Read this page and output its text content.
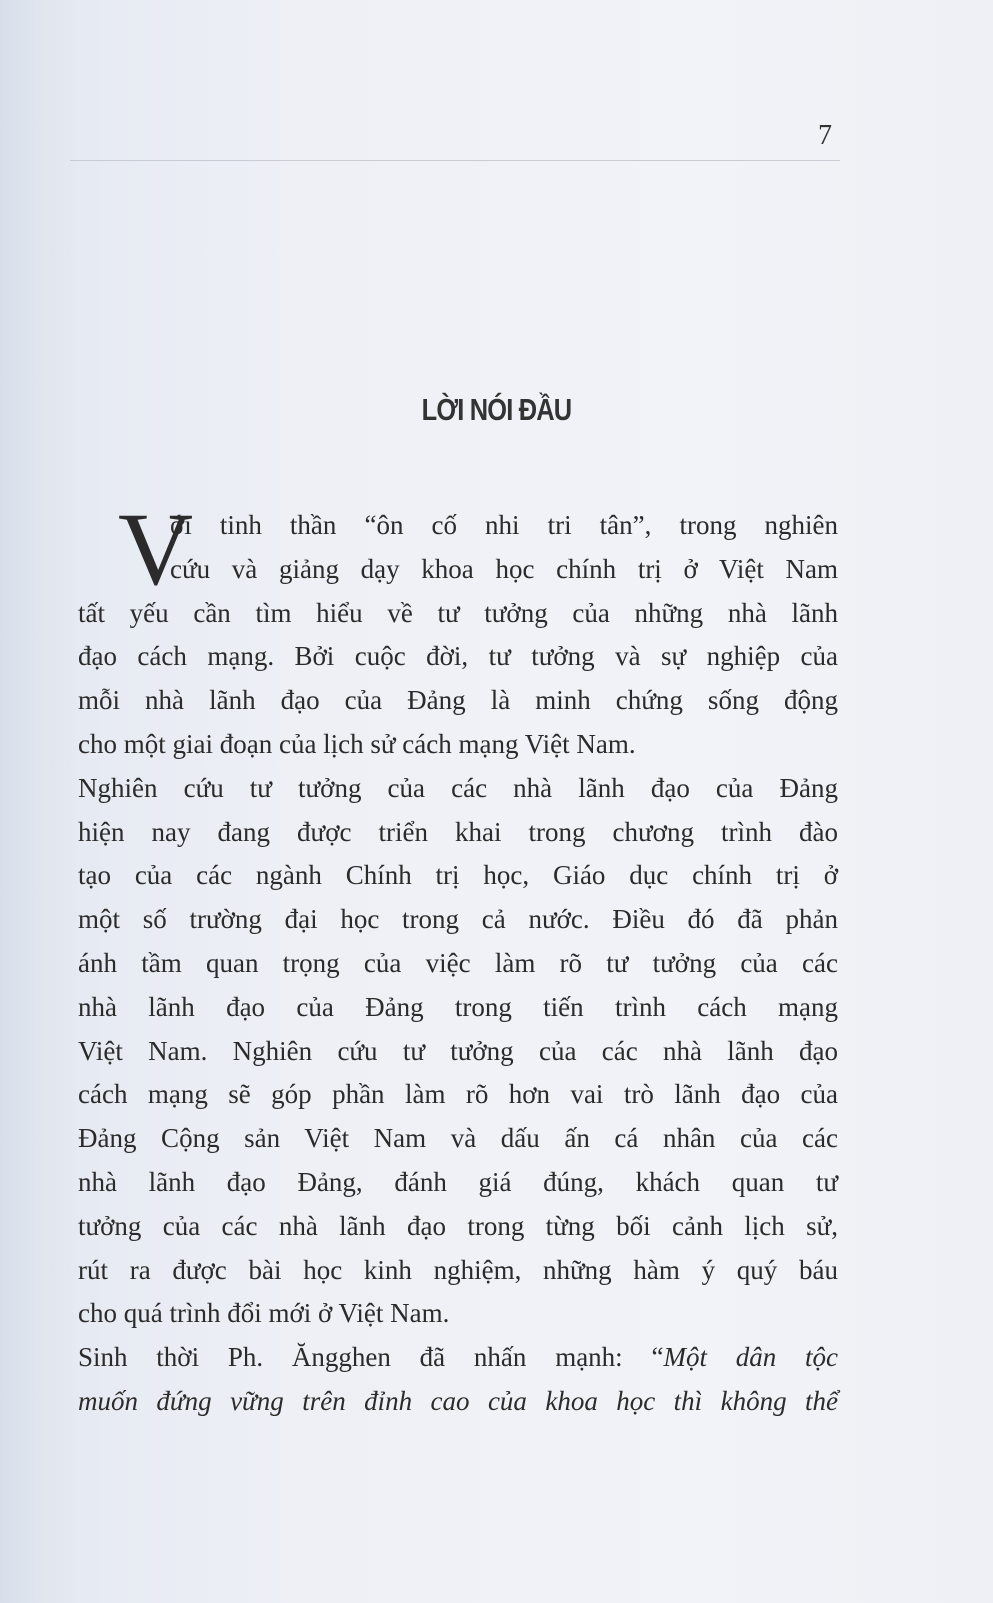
7
LỜI NÓI ĐẦU
V
ới tinh thần “ôn cố nhi tri tân”, trong nghiên
cứu và giảng dạy khoa học chính trị ở Việt Nam
tất yếu cần tìm hiểu về tư tưởng của những nhà lãnh
đạo cách mạng. Bởi cuộc đời, tư tưởng và sự nghiệp của
mỗi nhà lãnh đạo của Đảng là minh chứng sống động
cho một giai đoạn của lịch sử cách mạng Việt Nam.
Nghiên cứu tư tưởng của các nhà lãnh đạo của Đảng
hiện nay đang được triển khai trong chương trình đào
tạo của các ngành Chính trị học, Giáo dục chính trị ở
một số trường đại học trong cả nước. Điều đó đã phản
ánh tầm quan trọng của việc làm rõ tư tưởng của các
nhà lãnh đạo của Đảng trong tiến trình cách mạng
Việt Nam. Nghiên cứu tư tưởng của các nhà lãnh đạo
cách mạng sẽ góp phần làm rõ hơn vai trò lãnh đạo của
Đảng Cộng sản Việt Nam và dấu ấn cá nhân của các
nhà lãnh đạo Đảng, đánh giá đúng, khách quan tư
tưởng của các nhà lãnh đạo trong từng bối cảnh lịch sử,
rút ra được bài học kinh nghiệm, những hàm ý quý báu
cho quá trình đổi mới ở Việt Nam.
Sinh thời Ph. Ăngghen đã nhấn mạnh: “Một dân tộc
muốn đứng vững trên đỉnh cao của khoa học thì không thể
